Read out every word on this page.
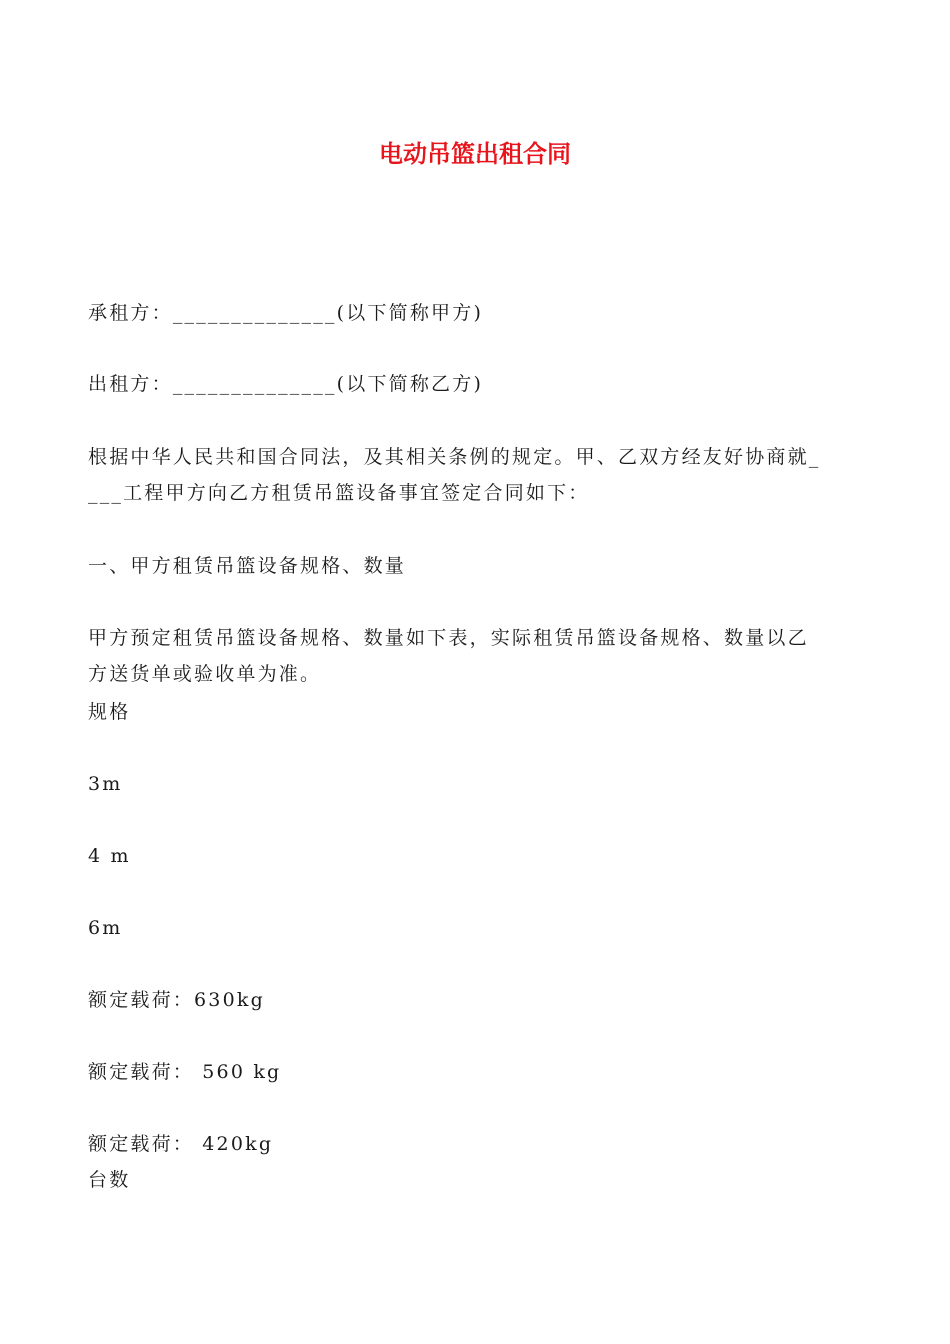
电动吊篮出租合同
承租方：______________(以下简称甲方)
出租方：______________(以下简称乙方)
根据中华人民共和国合同法，及其相关条例的规定。甲、乙双方经友好协商就_
___工程甲方向乙方租赁吊篮设备事宜签定合同如下：
一、甲方租赁吊篮设备规格、数量
甲方预定租赁吊篮设备规格、数量如下表，实际租赁吊篮设备规格、数量以乙
方送货单或验收单为准。
规格
3m
4 m
6m
额定载荷：630kg
额定载荷： 560 kg
额定载荷： 420kg
台数
